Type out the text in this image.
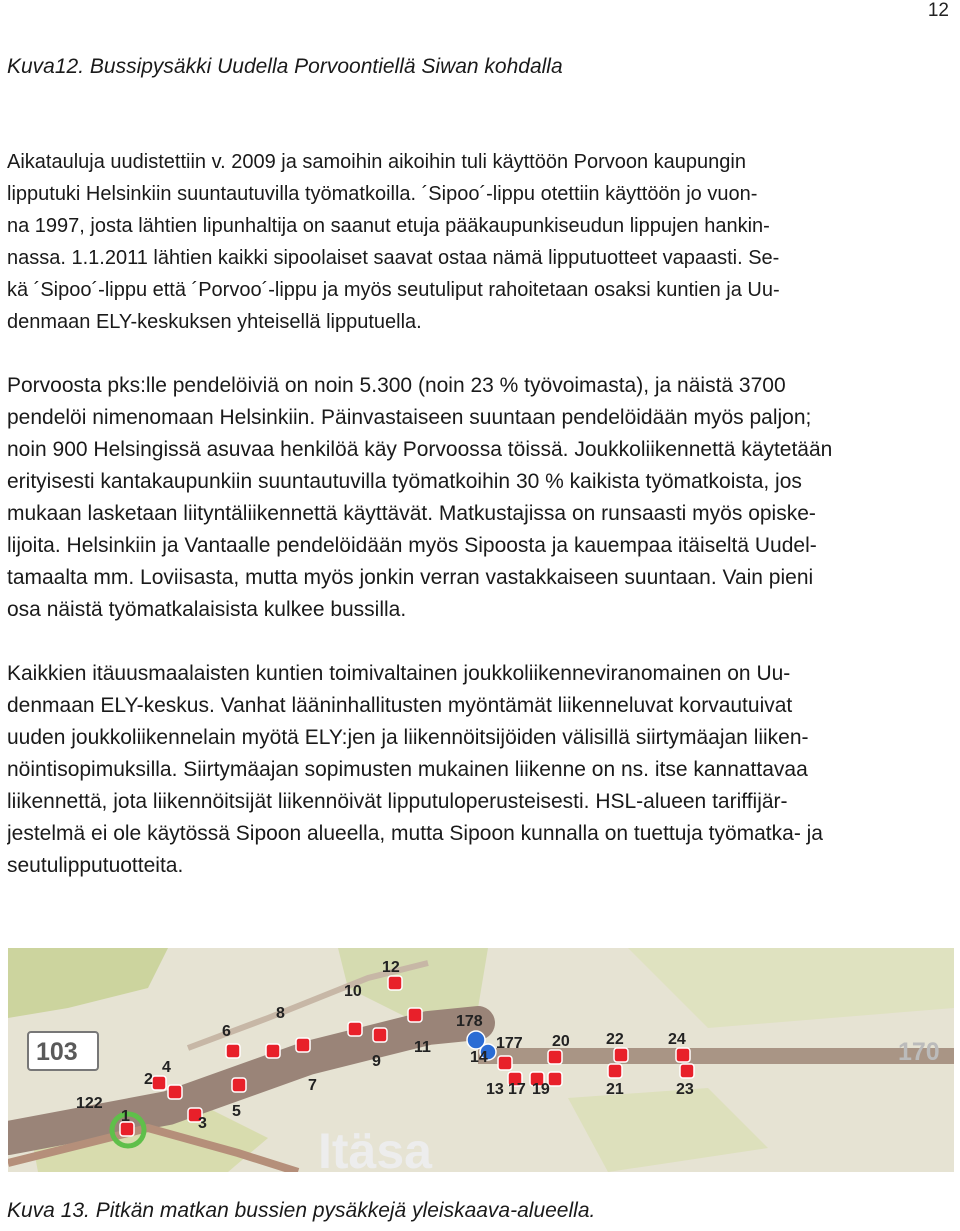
12
Kuva12. Bussipysäkki Uudella Porvoontiellä Siwan kohdalla
Aikatauluja uudistettiin v. 2009 ja samoihin aikoihin tuli käyttöön Porvoon kaupungin
lipputuki Helsinkiin suuntautuvilla työmatkoilla. ´Sipoo´-lippu otettiin käyttöön jo vuon-
na 1997, josta lähtien lipunhaltija on saanut etuja pääkaupunkiseudun lippujen hankin-
nassa. 1.1.2011 lähtien kaikki sipoolaiset saavat ostaa nämä lipputuotteet vapaasti. Se-
kä ´Sipoo´-lippu että ´Porvoo´-lippu ja myös seutuliput rahoitetaan osaksi kuntien ja Uu-
denmaan ELY-keskuksen yhteisellä lipputuella.
Porvoosta pks:lle pendelöiviä on noin 5.300 (noin 23 % työvoimasta), ja näistä 3700
pendelöi nimenomaan Helsinkiin. Päinvastaiseen suuntaan pendelöidään myös paljon;
noin 900 Helsingissä asuvaa henkilöä käy Porvoossa töissä. Joukkoliikennettä käytetään
erityisesti kantakaupunkiin suuntautuvilla työmatkoihin 30 % kaikista työmatkoista, jos
mukaan lasketaan liityntäliikennettä käyttävät. Matkustajissa on runsaasti myös opiske-
lijoita. Helsinkiin ja Vantaalle pendelöidään myös Sipoosta ja kauempaa itäiseltä Uudel-
tamaalta mm. Loviisasta, mutta myös jonkin verran vastakkaiseen suuntaan. Vain pieni
osa näistä työmatkalaisista kulkee bussilla.
Kaikkien itäuusmaalaisten kuntien toimivaltainen joukkoliikenneviranomainen on Uu-
denmaan ELY-keskus. Vanhat lääninhallitusten myöntämät liikenneluvat korvautuivat
uuden joukkoliikennelain myötä ELY:jen ja liikennöitsijöiden välisillä siirtymäajan liiken-
nöintisopimuksilla. Siirtymäajan sopimusten mukainen liikenne on ns. itse kannattavaa
liikennettä, jota liikennöitsijät liikennöivät lipputuloperusteisesti. HSL-alueen tariffijär-
jestelmä ei ole käytössä Sipoon alueella, mutta Sipoon kunnalla on tuettuja työmatka- ja
seutulipputuotteita.
103	170
Itäsa
1
2
3
4
5
6
7
8
9
10
11
12
122
13
14
17 19
20
21
22
23
24
177
178
Kuva 13. Pitkän matkan bussien pysäkkejä yleiskaava-alueella.
